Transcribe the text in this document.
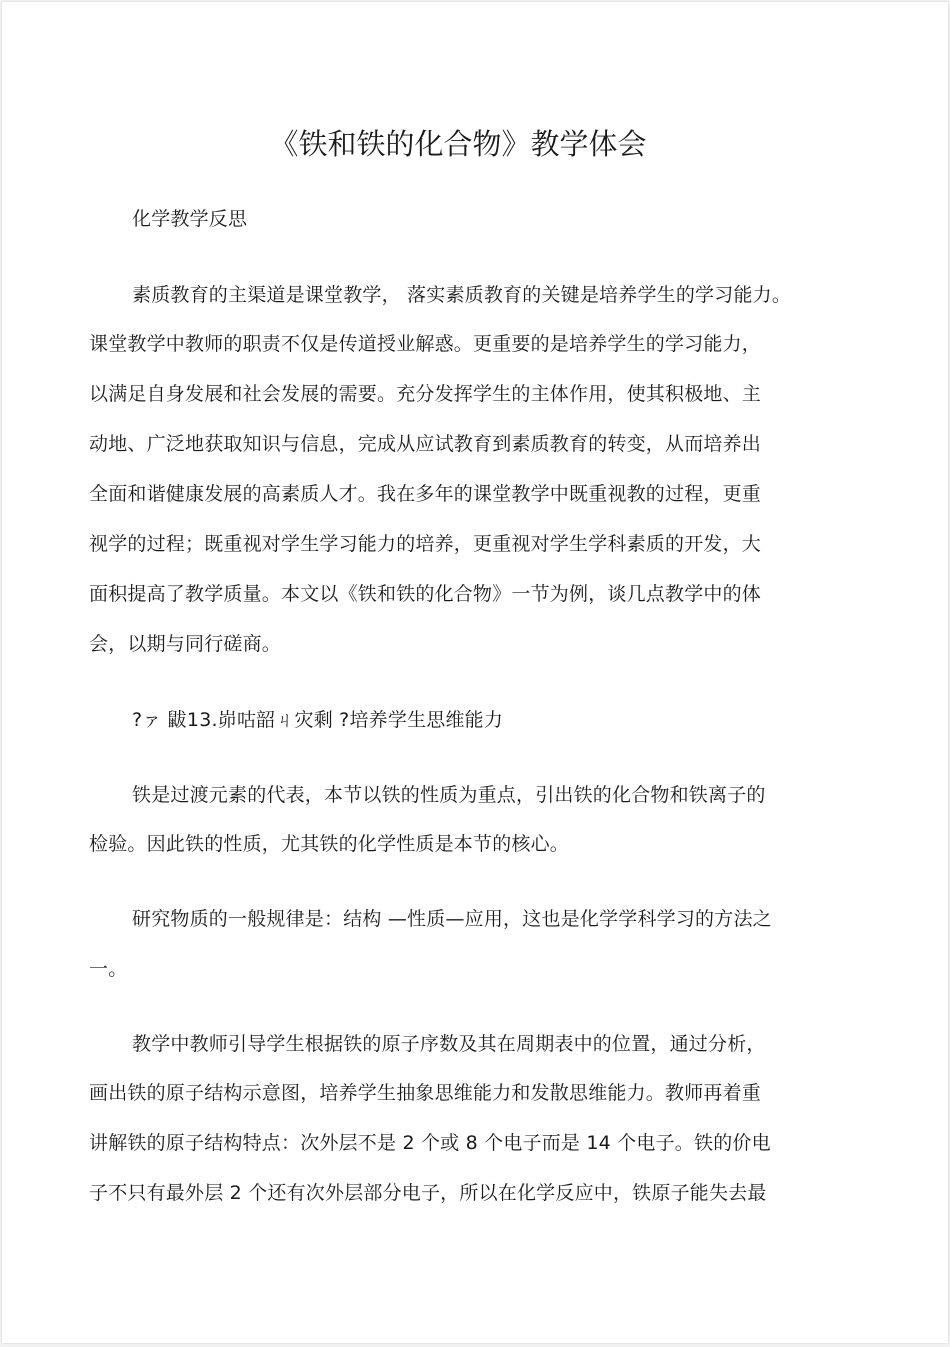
《铁和铁的化合物》教学体会
化学教学反思
素质教育的主渠道是课堂教学， 落实素质教育的关键是培养学生的学习能力。
课堂教学中教师的职责不仅是传道授业解惑。更重要的是培养学生的学习能力，
以满足自身发展和社会发展的需要。充分发挥学生的主体作用，使其积极地、主
动地、广泛地获取知识与信息，完成从应试教育到素质教育的转变，从而培养出
全面和谐健康发展的高素质人才。我在多年的课堂教学中既重视教的过程，更重
视学的过程；既重视对学生学习能力的培养，更重视对学生学科素质的开发，大
面积提高了教学质量。本文以《铁和铁的化合物》一节为例，谈几点教学中的体
会，以期与同行磋商。
?ァ 鼥13.峁咕韶ㄐ灾剩 ?培养学生思维能力
铁是过渡元素的代表，本节以铁的性质为重点，引出铁的化合物和铁离子的
检验。因此铁的性质，尤其铁的化学性质是本节的核心。
研究物质的一般规律是：结构 —性质—应用，这也是化学学科学习的方法之
一。
教学中教师引导学生根据铁的原子序数及其在周期表中的位置，通过分析，
画出铁的原子结构示意图，培养学生抽象思维能力和发散思维能力。教师再着重
讲解铁的原子结构特点：次外层不是 2 个或 8 个电子而是 14 个电子。铁的价电
子不只有最外层 2 个还有次外层部分电子，所以在化学反应中，铁原子能失去最
